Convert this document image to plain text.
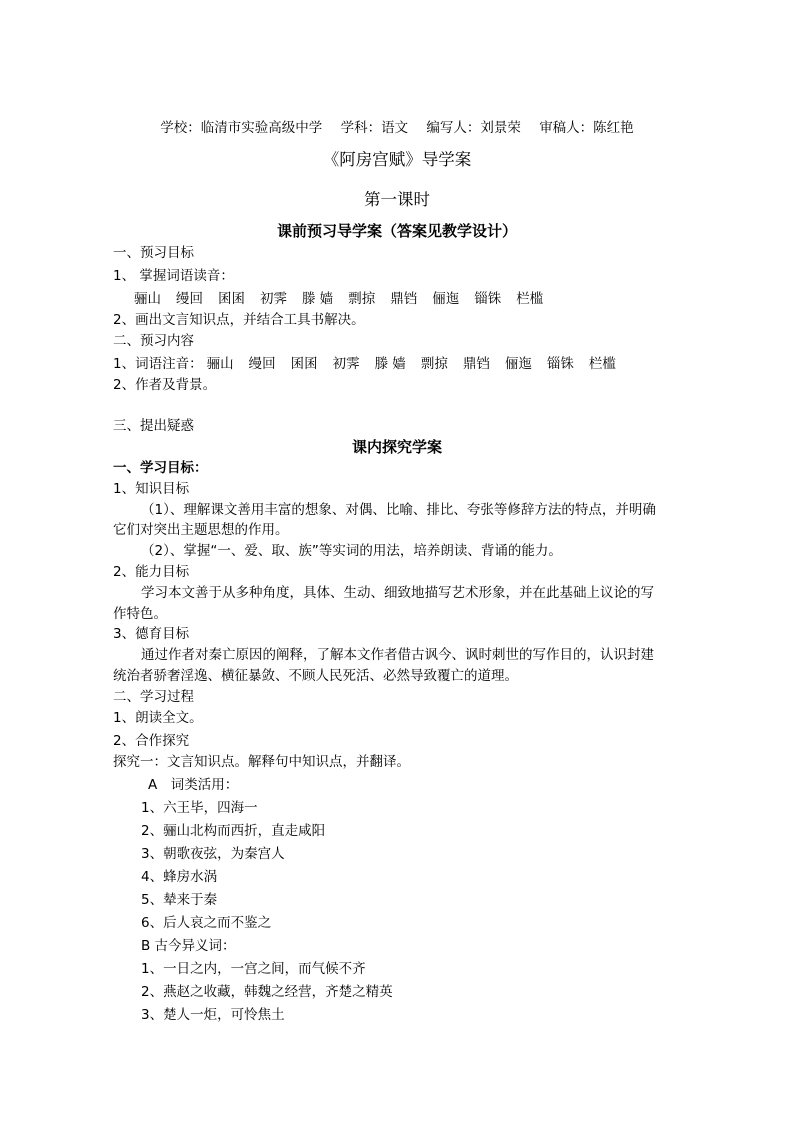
学校：临清市实验高级中学 学科：语文 编写人：刘景荣 审稿人：陈红艳
《阿房宫赋》导学案
第一课时
课前预习导学案（答案见教学设计）
一、预习目标
1、 掌握词语读音：
骊山 缦回 囷囷 初霁 滕 嫱 剽掠 鼎铛 俪迤 锱铢 栏槛
2、画出文言知识点，并结合工具书解决。
二、预习内容
1、词语注音： 骊山 缦回 囷囷 初霁 滕 嫱 剽掠 鼎铛 俪迤 锱铢 栏槛
2、作者及背景。
三、提出疑惑
课内探究学案
一、学习目标：
1、知识目标
（1）、理解课文善用丰富的想象、对偶、比喻、排比、夸张等修辞方法的特点，并明确
它们对突出主题思想的作用。
（2）、掌握“一、爱、取、族”等实词的用法，培养朗读、背诵的能力。
2、能力目标
学习本文善于从多种角度，具体、生动、细致地描写艺术形象，并在此基础上议论的写
作特色。
3、德育目标
通过作者对秦亡原因的阐释，了解本文作者借古讽今、讽时刺世的写作目的，认识封建
统治者骄奢淫逸、横征暴敛、不顾人民死活、必然导致覆亡的道理。
二、学习过程
1、朗读全文。
2、合作探究
探究一：文言知识点。解释句中知识点，并翻译。
A　词类活用：
1、六王毕，四海一
2、骊山北构而西折，直走咸阳
3、朝歌夜弦，为秦宫人
4、蜂房水涡
5、辇来于秦
6、后人哀之而不鉴之
B 古今异义词：
1、一日之内，一宫之间，而气候不齐
2、燕赵之收藏，韩魏之经营，齐楚之精英
3、楚人一炬，可怜焦土
